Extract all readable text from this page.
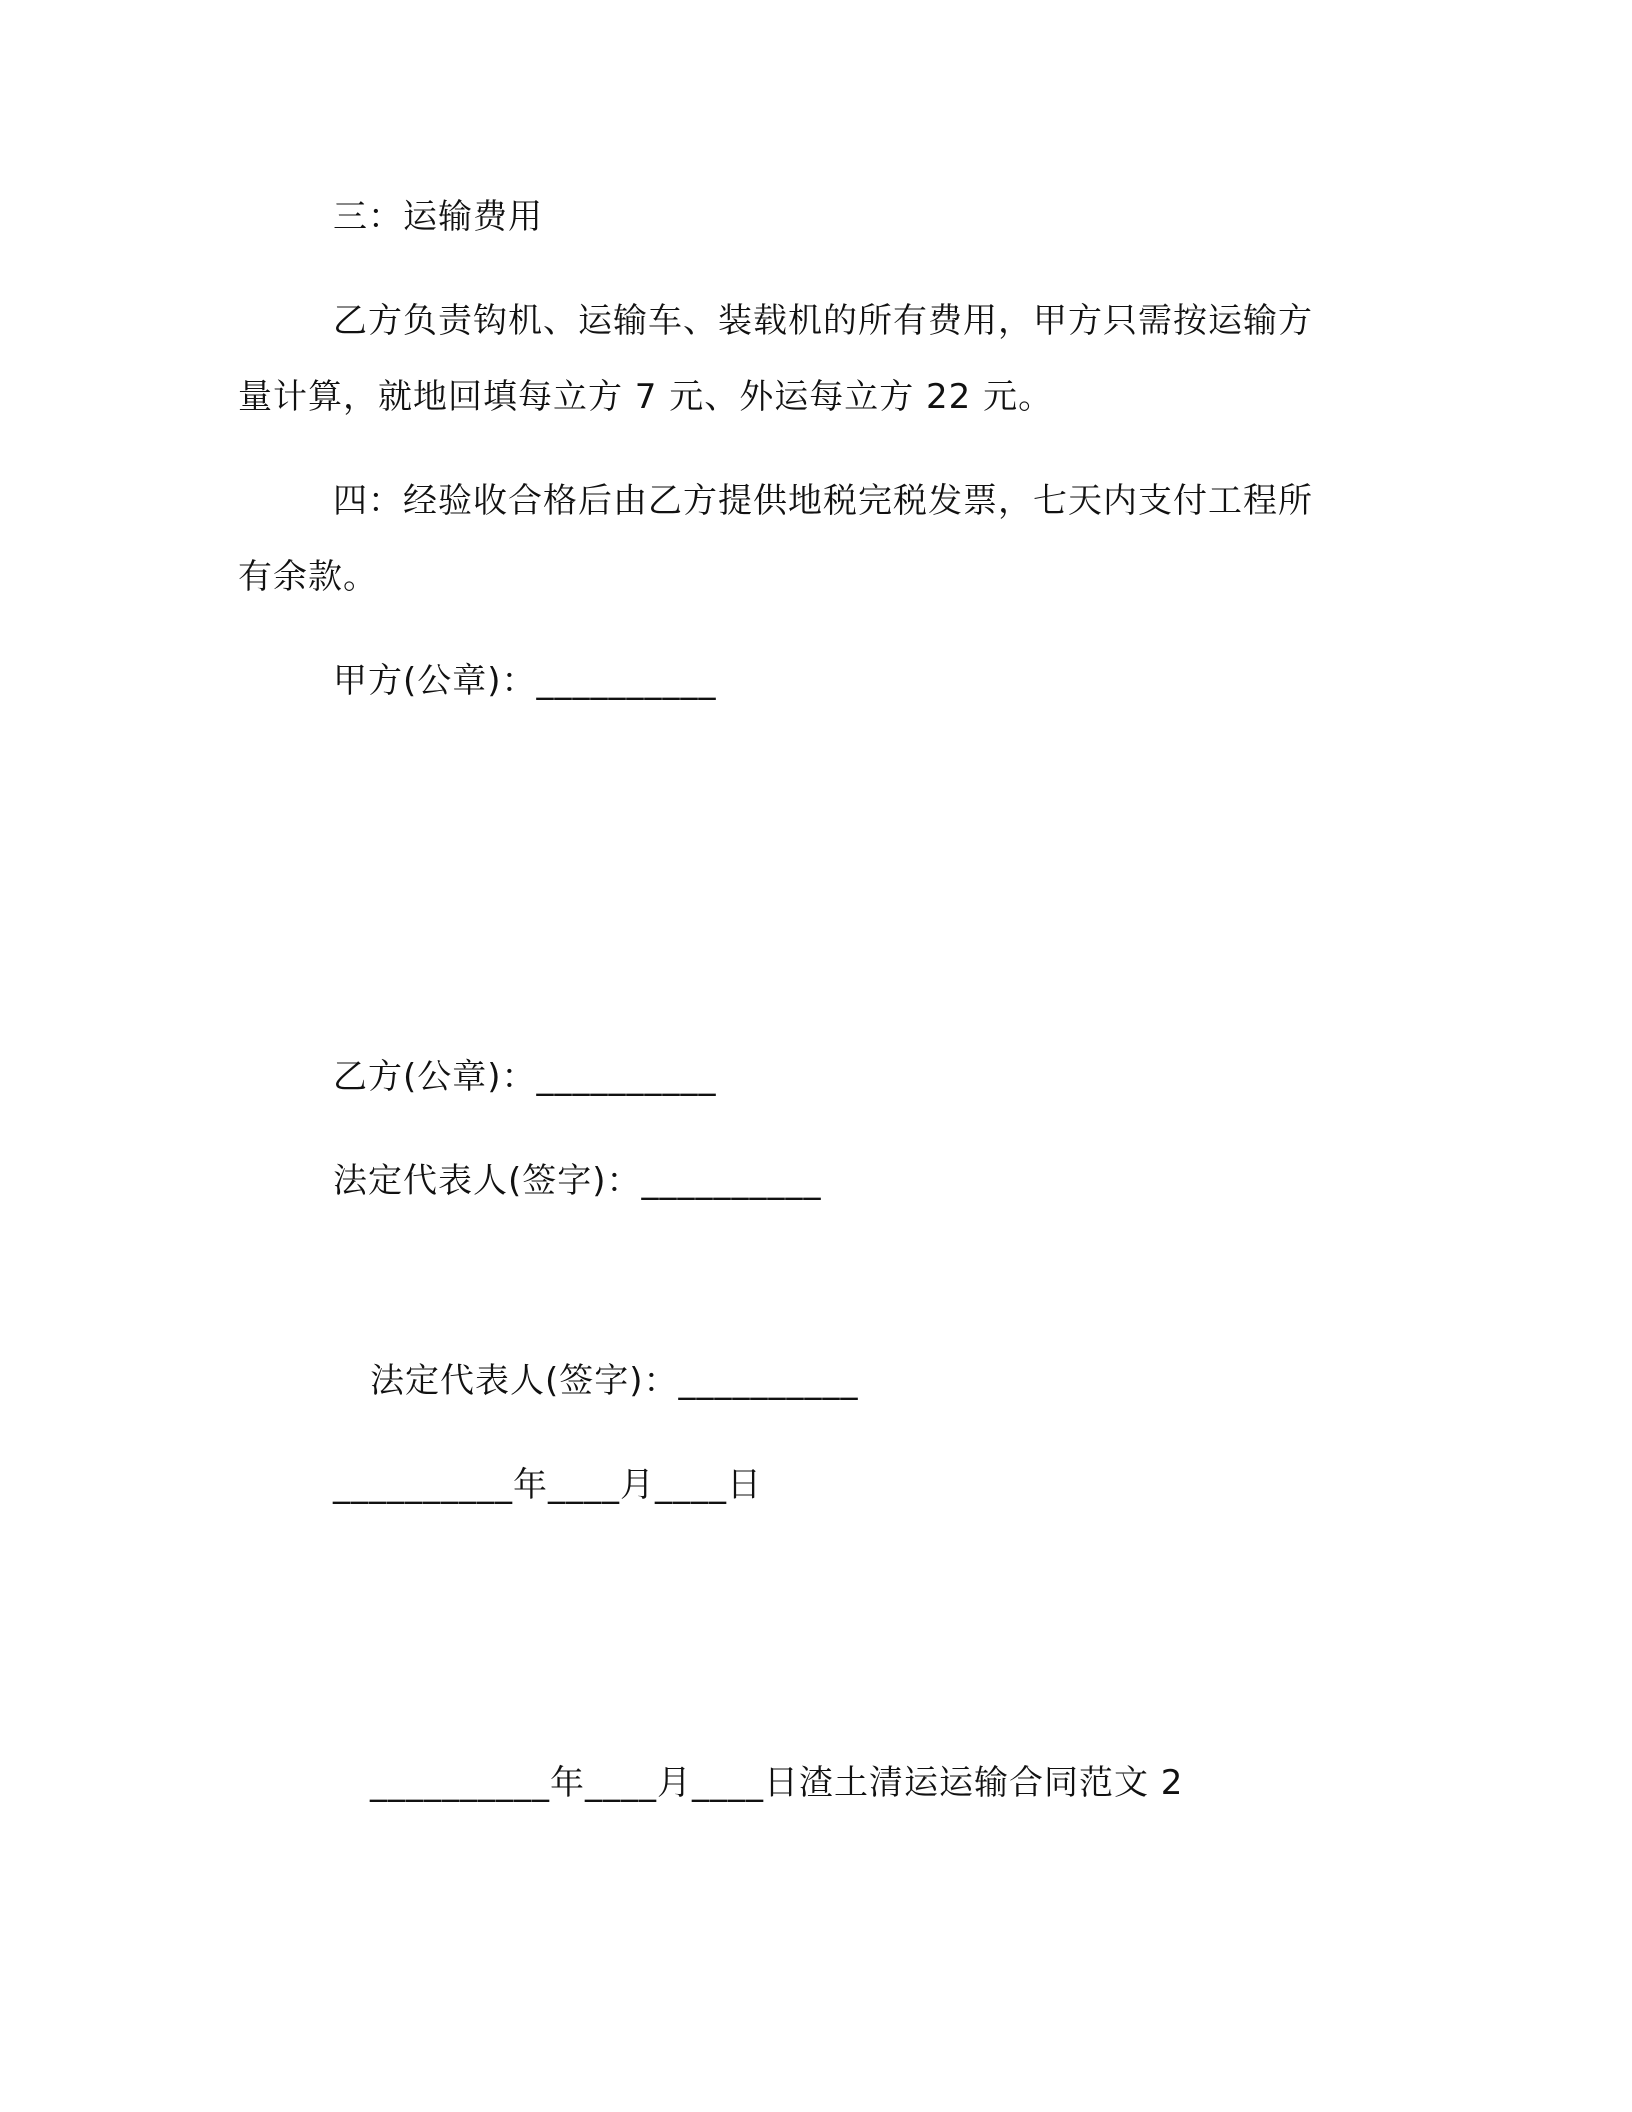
三：运输费用
乙方负责钩机、运输车、装载机的所有费用，甲方只需按运输方
量计算，就地回填每立方 7 元、外运每立方 22 元。
四：经验收合格后由乙方提供地税完税发票，七天内支付工程所
有余款。
甲方(公章)：__________
乙方(公章)：__________
法定代表人(签字)：__________
法定代表人(签字)：__________
__________年____月____日
__________年____月____日渣土清运运输合同范文 2
